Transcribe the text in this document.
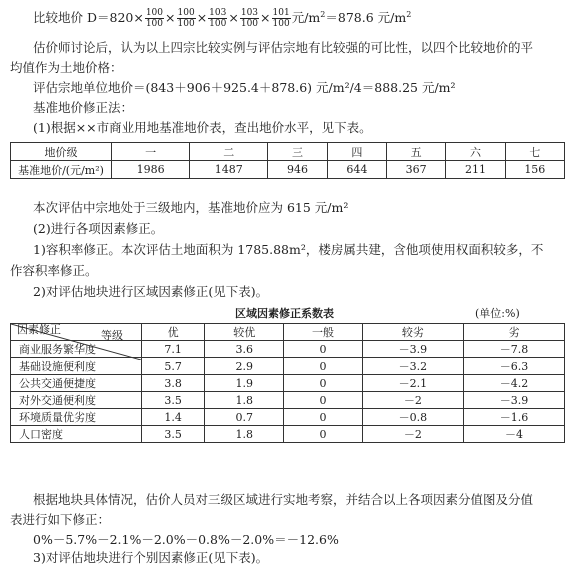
比较地价 $D=820\times \frac{100}{100} \times \frac{100}{100} \times \frac{103}{100} \times \frac{103}{100} \times \frac{101}{100}$ 元$/m^2=878.6$ 元$/m^2$
估价师讨论后，认为以上四宗比较实例与评估宗地有比较强的可比性，以四个比较地价的平
均值作为土地价格：
评估宗地单位地价＝(843＋906＋925.4＋878.6) 元/m²/4＝888.25 元/m²
基准地价修正法：
(1)根据××市商业用地基准地价表，查出地价水平，见下表。
地价级	一	二	三	四	五	六	七
基准地价/(元/m²)	1986	1487	946	644	367	211	156
本次评估中宗地处于三级地内，基准地价应为 615 元/m²
(2)进行各项因素修正。
1)容积率修正。本次评估土地面积为 1785.88m²，楼房属共建，含他项使用权面积较多，不
作容积率修正。
2)对评估地块进行区域因素修正(见下表)。
区域因素修正系数表	(单位:%)
等级
因素修正	优	较优	一般	较劣	劣
商业服务繁华度	7.1	3.6	0	－3.9	－7.8
基础设施便利度	5.7	2.9	0	－3.2	－6.3
公共交通便捷度	3.8	1.9	0	－2.1	－4.2
对外交通便利度	3.5	1.8	0	－2	－3.9
环境质量优劣度	1.4	0.7	0	－0.8	－1.6
人口密度	3.5	1.8	0	－2	－4
根据地块具体情况，估价人员对三级区域进行实地考察，并结合以上各项因素分值图及分值
表进行如下修正：
0%－5.7%－2.1%－2.0%－0.8%－2.0%＝－12.6%
3)对评估地块进行个别因素修正(见下表)。
